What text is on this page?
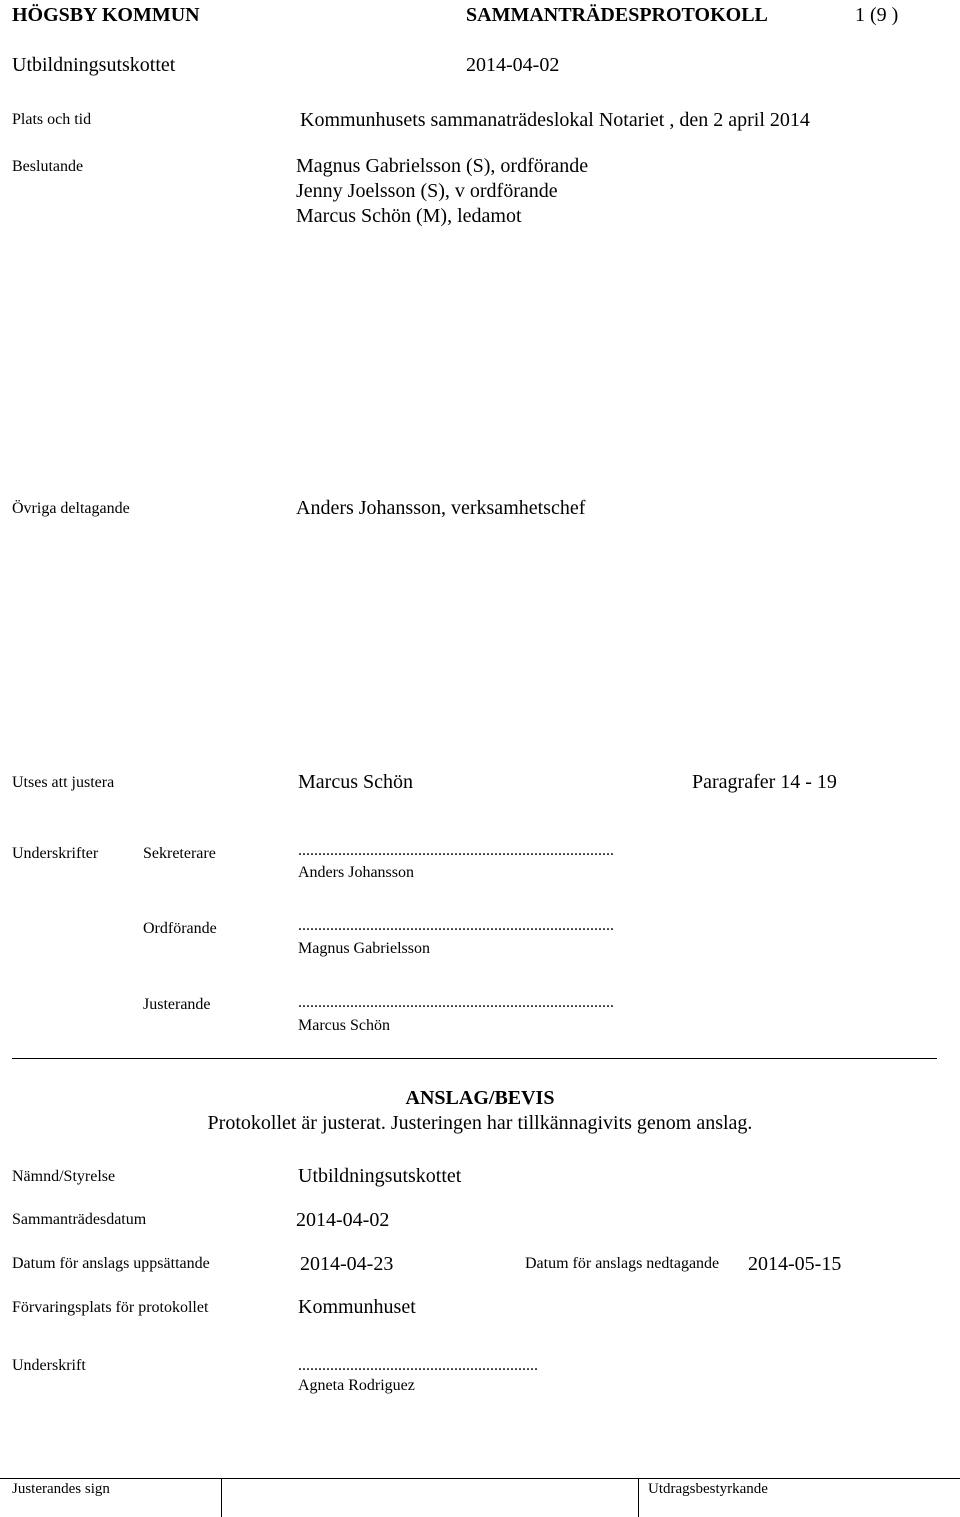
HÖGSBY KOMMUN	SAMMANTRÄDESPROTOKOLL	1 (9 )
Utbildningsutskottet	2014-04-02
Plats och tid	Kommunhusets sammanaträdeslokal Notariet , den 2 april 2014
Beslutande	Magnus Gabrielsson (S), ordförande
Jenny Joelsson (S), v ordförande
Marcus Schön (M), ledamot
Övriga deltagande	Anders Johansson, verksamhetschef
Utses att justera	Marcus Schön	Paragrafer 14 - 19
Underskrifter	Sekreterare	...............................................................................
Anders Johansson
Ordförande	...............................................................................
Magnus Gabrielsson
Justerande	...............................................................................
Marcus Schön
ANSLAG/BEVIS
Protokollet är justerat. Justeringen har tillkännagivits genom anslag.
Nämnd/Styrelse	Utbildningsutskottet
Sammanträdesdatum	2014-04-02
Datum för anslags uppsättande	2014-04-23	Datum för anslags nedtagande 2014-05-15
Förvaringsplats för protokollet	Kommunhuset
Underskrift	............................................................
Agneta Rodriguez
Justerandes sign	Utdragsbestyrkande
